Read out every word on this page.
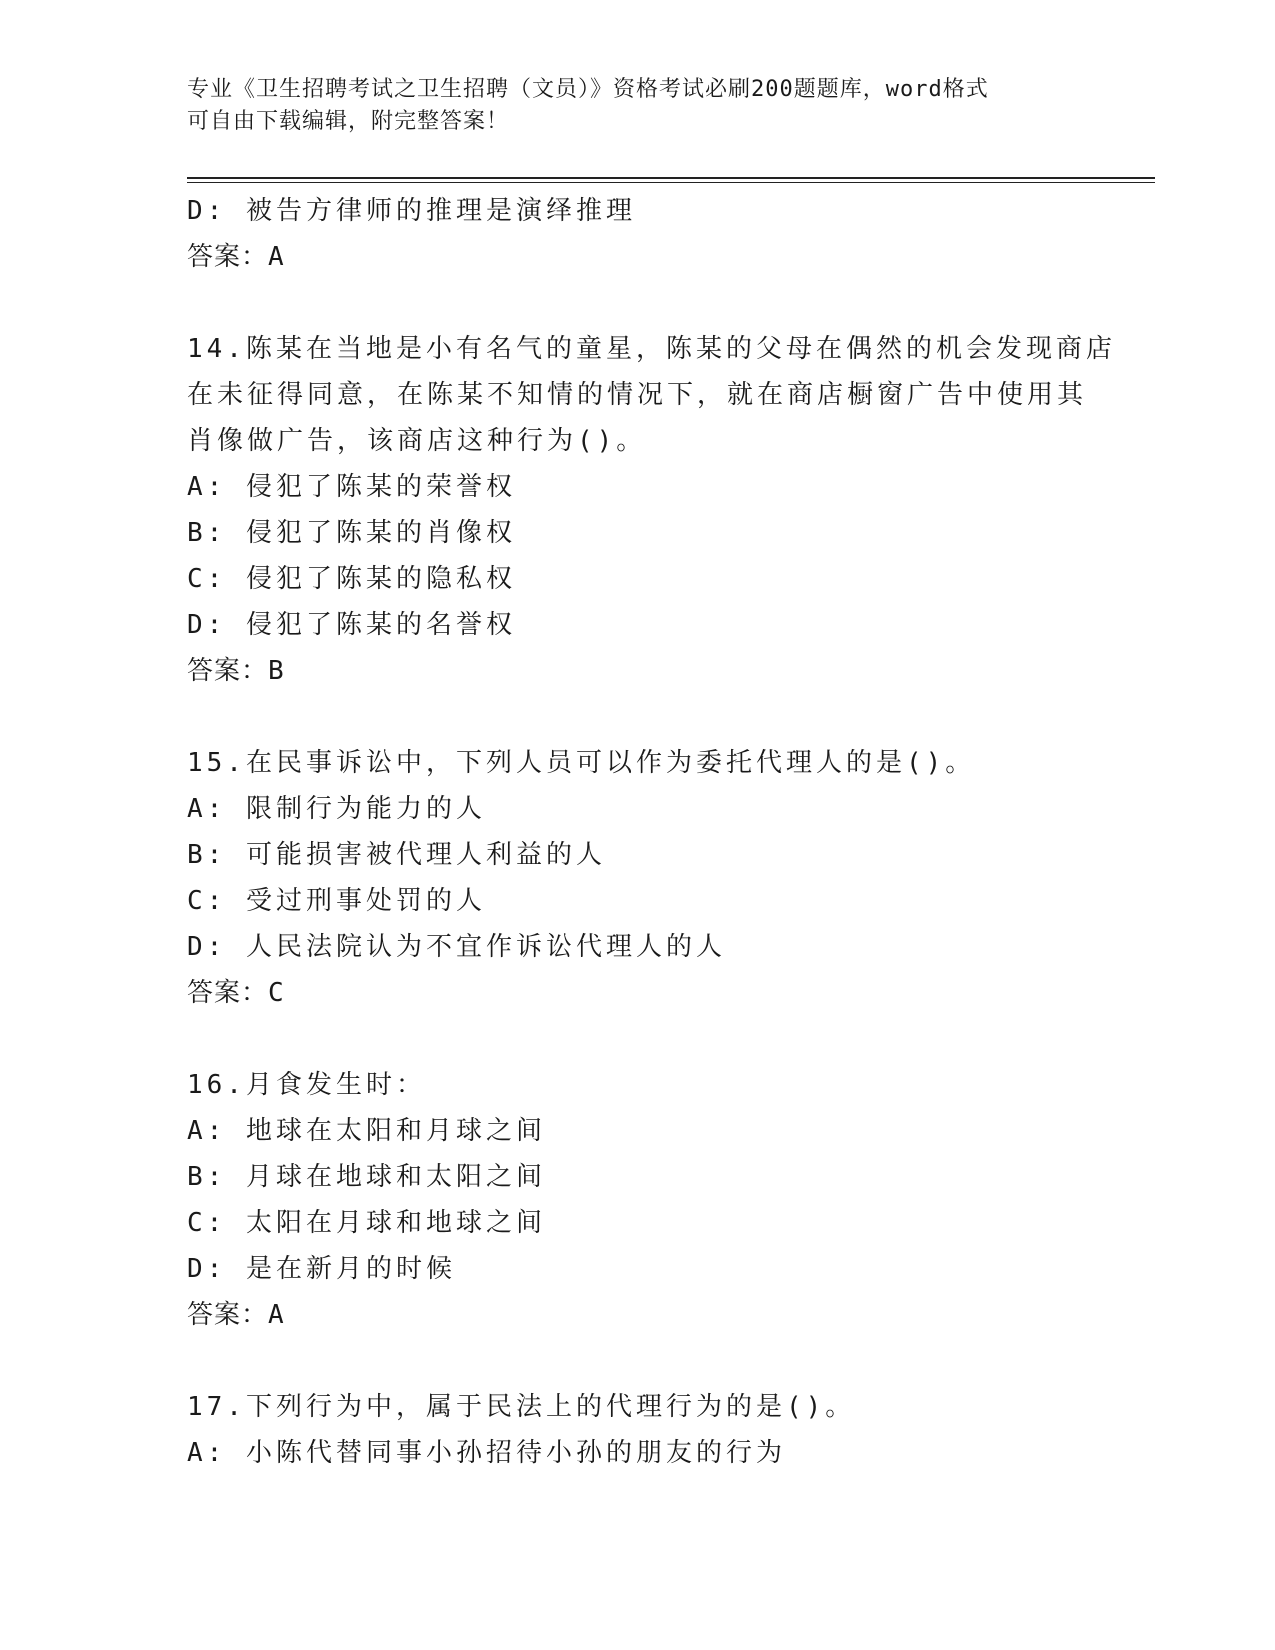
专业《卫生招聘考试之卫生招聘（文员）》资格考试必刷200题题库，word格式
可自由下载编辑，附完整答案！
D: 被告方律师的推理是演绎推理
答案：A
14.陈某在当地是小有名气的童星，陈某的父母在偶然的机会发现商店
在未征得同意，在陈某不知情的情况下，就在商店橱窗广告中使用其
肖像做广告，该商店这种行为()。
A: 侵犯了陈某的荣誉权
B: 侵犯了陈某的肖像权
C: 侵犯了陈某的隐私权
D: 侵犯了陈某的名誉权
答案：B
15.在民事诉讼中，下列人员可以作为委托代理人的是()。
A: 限制行为能力的人
B: 可能损害被代理人利益的人
C: 受过刑事处罚的人
D: 人民法院认为不宜作诉讼代理人的人
答案：C
16.月食发生时：
A: 地球在太阳和月球之间
B: 月球在地球和太阳之间
C: 太阳在月球和地球之间
D: 是在新月的时候
答案：A
17.下列行为中，属于民法上的代理行为的是()。
A: 小陈代替同事小孙招待小孙的朋友的行为
